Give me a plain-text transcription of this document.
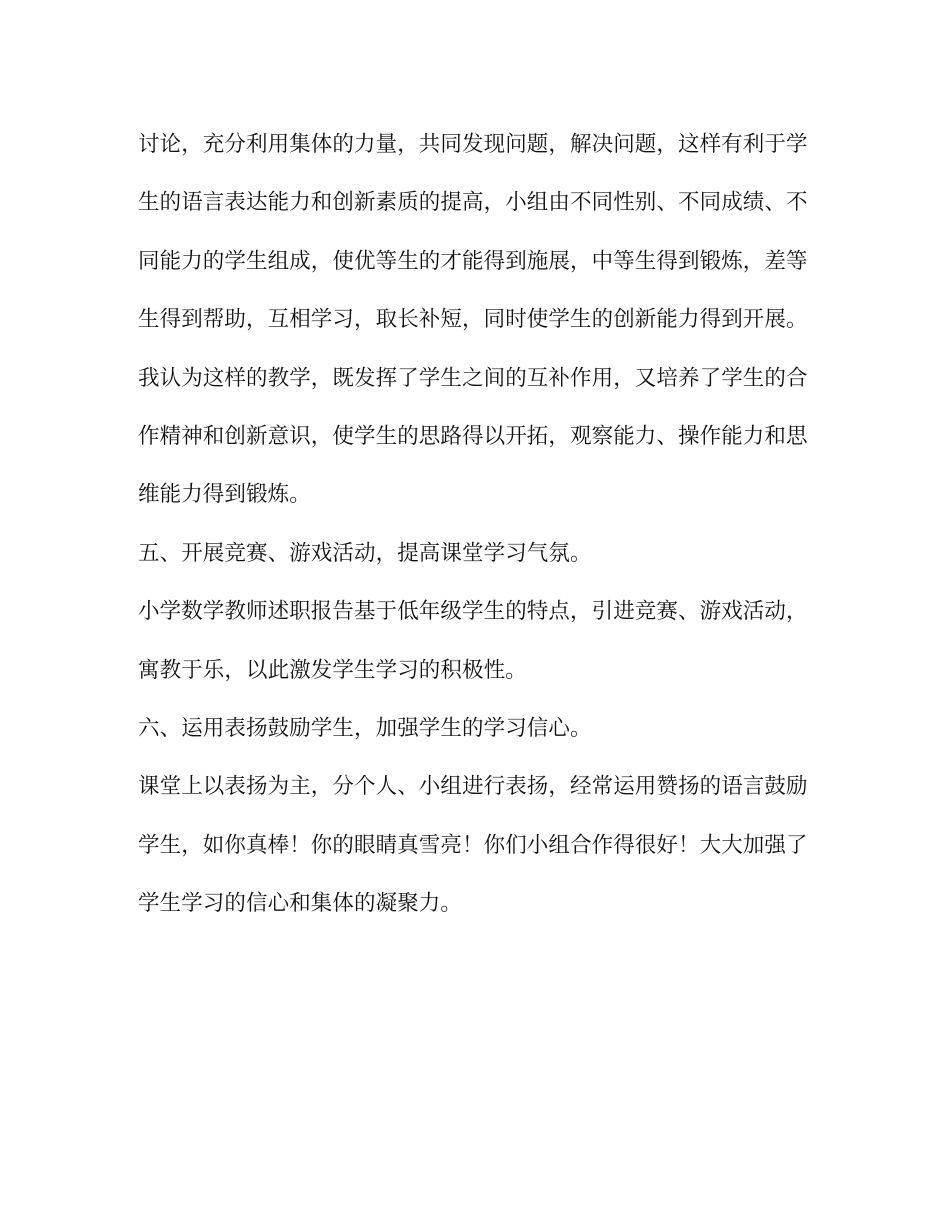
讨论，充分利用集体的力量，共同发现问题，解决问题，这样有利于学
生的语言表达能力和创新素质的提高，小组由不同性别、不同成绩、不
同能力的学生组成，使优等生的才能得到施展，中等生得到锻炼，差等
生得到帮助，互相学习，取长补短，同时使学生的创新能力得到开展。
我认为这样的教学，既发挥了学生之间的互补作用，又培养了学生的合
作精神和创新意识，使学生的思路得以开拓，观察能力、操作能力和思
维能力得到锻炼。
五、开展竞赛、游戏活动，提高课堂学习气氛。
小学数学教师述职报告基于低年级学生的特点，引进竞赛、游戏活动，
寓教于乐，以此激发学生学习的积极性。
六、运用表扬鼓励学生，加强学生的学习信心。
课堂上以表扬为主，分个人、小组进行表扬，经常运用赞扬的语言鼓励
学生，如你真棒！你的眼睛真雪亮！你们小组合作得很好！大大加强了
学生学习的信心和集体的凝聚力。
